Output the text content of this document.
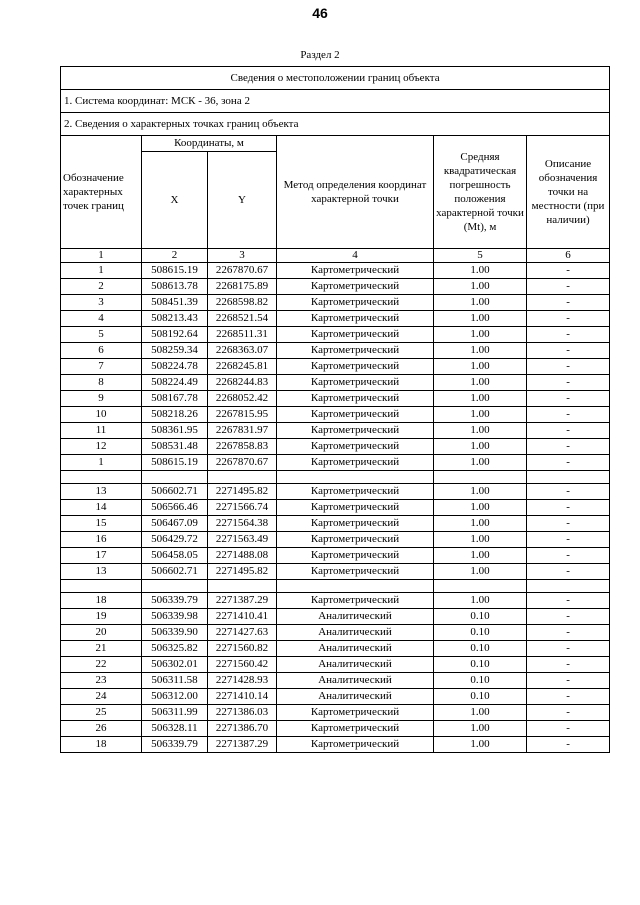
46
Раздел 2
Сведения о местоположении границ объекта					
1. Система координат: МСК - 36, зона 2					
2. Сведения о характерных точках границ объекта					
Обозначение характерных точек границ	Координаты, м		Метод определения координат характерной точки	Средняя квадратическая погрешность положения характерной точки (Mt), м	Описание обозначения точки на местности (при наличии)
	X	Y			
1	2	3	4	5	6
1	508615.19	2267870.67	Картометрический	1.00	-
2	508613.78	2268175.89	Картометрический	1.00	-
3	508451.39	2268598.82	Картометрический	1.00	-
4	508213.43	2268521.54	Картометрический	1.00	-
5	508192.64	2268511.31	Картометрический	1.00	-
6	508259.34	2268363.07	Картометрический	1.00	-
7	508224.78	2268245.81	Картометрический	1.00	-
8	508224.49	2268244.83	Картометрический	1.00	-
9	508167.78	2268052.42	Картометрический	1.00	-
10	508218.26	2267815.95	Картометрический	1.00	-
11	508361.95	2267831.97	Картометрический	1.00	-
12	508531.48	2267858.83	Картометрический	1.00	-
1	508615.19	2267870.67	Картометрический	1.00	-

13	506602.71	2271495.82	Картометрический	1.00	-
14	506566.46	2271566.74	Картометрический	1.00	-
15	506467.09	2271564.38	Картометрический	1.00	-
16	506429.72	2271563.49	Картометрический	1.00	-
17	506458.05	2271488.08	Картометрический	1.00	-
13	506602.71	2271495.82	Картометрический	1.00	-

18	506339.79	2271387.29	Картометрический	1.00	-
19	506339.98	2271410.41	Аналитический	0.10	-
20	506339.90	2271427.63	Аналитический	0.10	-
21	506325.82	2271560.82	Аналитический	0.10	-
22	506302.01	2271560.42	Аналитический	0.10	-
23	506311.58	2271428.93	Аналитический	0.10	-
24	506312.00	2271410.14	Аналитический	0.10	-
25	506311.99	2271386.03	Картометрический	1.00	-
26	506328.11	2271386.70	Картометрический	1.00	-
18	506339.79	2271387.29	Картометрический	1.00	-
